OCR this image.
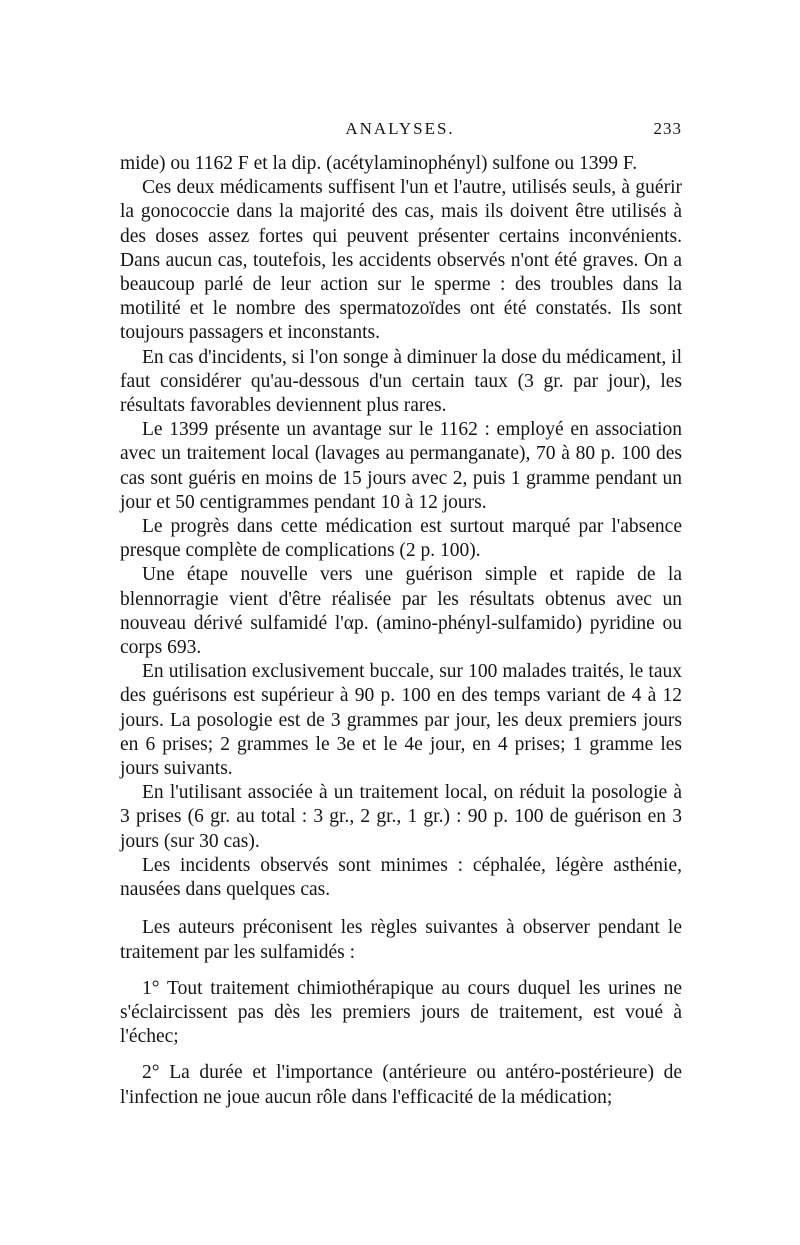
ANALYSES.	233

mide) ou 1162 F et la dip. (acétylaminophényl) sulfone ou 1399 F.

Ces deux médicaments suffisent l'un et l'autre, utilisés seuls, à guérir la gonococcie dans la majorité des cas, mais ils doivent être utilisés à des doses assez fortes qui peuvent présenter certains inconvénients. Dans aucun cas, toutefois, les accidents observés n'ont été graves. On a beaucoup parlé de leur action sur le sperme : des troubles dans la motilité et le nombre des spermatozoïdes ont été constatés. Ils sont toujours passagers et inconstants.

En cas d'incidents, si l'on songe à diminuer la dose du médicament, il faut considérer qu'au-dessous d'un certain taux (3 gr. par jour), les résultats favorables deviennent plus rares.

Le 1399 présente un avantage sur le 1162 : employé en association avec un traitement local (lavages au permanganate), 70 à 80 p. 100 des cas sont guéris en moins de 15 jours avec 2, puis 1 gramme pendant un jour et 50 centigrammes pendant 10 à 12 jours.

Le progrès dans cette médication est surtout marqué par l'absence presque complète de complications (2 p. 100).

Une étape nouvelle vers une guérison simple et rapide de la blennorragie vient d'être réalisée par les résultats obtenus avec un nouveau dérivé sulfamidé l'αp. (amino-phényl-sulfamido) pyridine ou corps 693.

En utilisation exclusivement buccale, sur 100 malades traités, le taux des guérisons est supérieur à 90 p. 100 en des temps variant de 4 à 12 jours. La posologie est de 3 grammes par jour, les deux premiers jours en 6 prises; 2 grammes le 3e et le 4e jour, en 4 prises; 1 gramme les jours suivants.

En l'utilisant associée à un traitement local, on réduit la posologie à 3 prises (6 gr. au total : 3 gr., 2 gr., 1 gr.) : 90 p. 100 de guérison en 3 jours (sur 30 cas).

Les incidents observés sont minimes : céphalée, légère asthénie, nausées dans quelques cas.

Les auteurs préconisent les règles suivantes à observer pendant le traitement par les sulfamidés :

1° Tout traitement chimiothérapique au cours duquel les urines ne s'éclaircissent pas dès les premiers jours de traitement, est voué à l'échec;

2° La durée et l'importance (antérieure ou antéro-postérieure) de l'infection ne joue aucun rôle dans l'efficacité de la médication;
